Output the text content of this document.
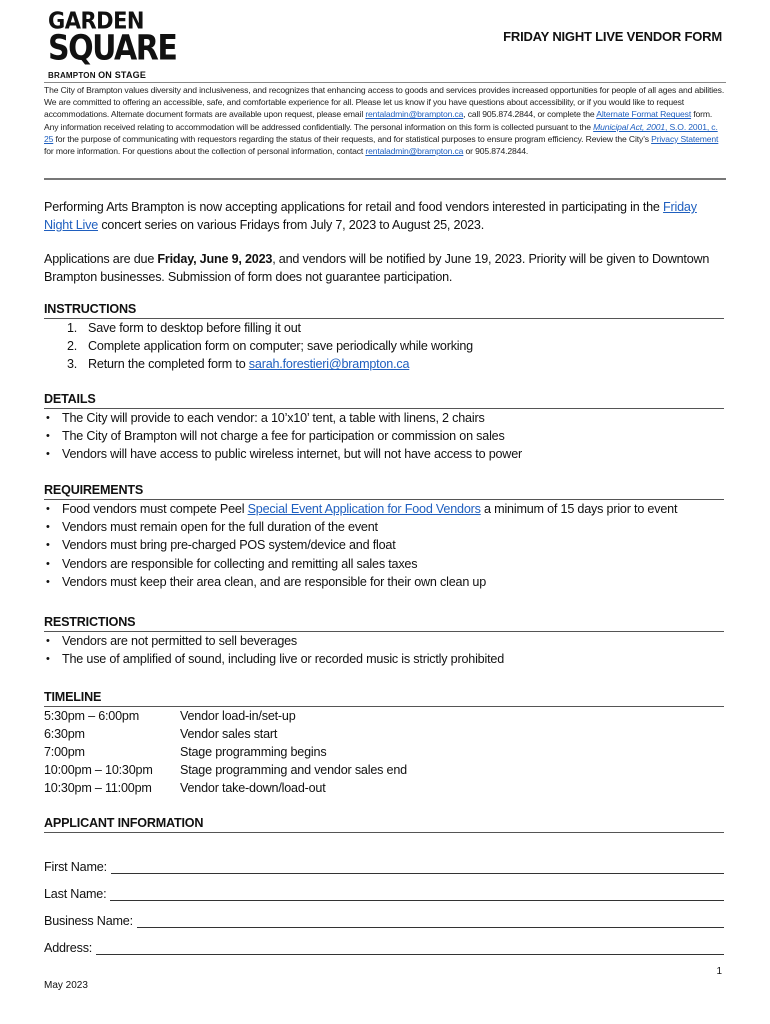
GARDEN
SQUARE
BRAMPTON ON STAGE
FRIDAY NIGHT LIVE VENDOR FORM
The City of Brampton values diversity and inclusiveness, and recognizes that enhancing access to goods and services provides increased opportunities for people of all ages and abilities. We are committed to offering an accessible, safe, and comfortable experience for all. Please let us know if you have questions about accessibility, or if you would like to request accommodations. Alternate document formats are available upon request, please email rentaladmin@brampton.ca, call 905.874.2844, or complete the Alternate Format Request form. Any information received relating to accommodation will be addressed confidentially. The personal information on this form is collected pursuant to the Municipal Act, 2001, S.O. 2001, c. 25 for the purpose of communicating with requestors regarding the status of their requests, and for statistical purposes to ensure program efficiency. Review the City’s Privacy Statement for more information. For questions about the collection of personal information, contact rentaladmin@brampton.ca or 905.874.2844.
Performing Arts Brampton is now accepting applications for retail and food vendors interested in participating in the Friday Night Live concert series on various Fridays from July 7, 2023 to August 25, 2023.
Applications are due Friday, June 9, 2023, and vendors will be notified by June 19, 2023. Priority will be given to Downtown Brampton businesses. Submission of form does not guarantee participation.
INSTRUCTIONS
1. Save form to desktop before filling it out
2. Complete application form on computer; save periodically while working
3. Return the completed form to sarah.forestieri@brampton.ca
DETAILS
• The City will provide to each vendor: a 10’x10’ tent, a table with linens, 2 chairs
• The City of Brampton will not charge a fee for participation or commission on sales
• Vendors will have access to public wireless internet, but will not have access to power
REQUIREMENTS
• Food vendors must compete Peel Special Event Application for Food Vendors a minimum of 15 days prior to event
• Vendors must remain open for the full duration of the event
• Vendors must bring pre-charged POS system/device and float
• Vendors are responsible for collecting and remitting all sales taxes
• Vendors must keep their area clean, and are responsible for their own clean up
RESTRICTIONS
• Vendors are not permitted to sell beverages
• The use of amplified of sound, including live or recorded music is strictly prohibited
TIMELINE
5:30pm – 6:00pm	Vendor load-in/set-up
6:30pm	Vendor sales start
7:00pm	Stage programming begins
10:00pm – 10:30pm	Stage programming and vendor sales end
10:30pm – 11:00pm	Vendor take-down/load-out
APPLICANT INFORMATION
First Name:
Last Name:
Business Name:
Address:
1
May 2023
